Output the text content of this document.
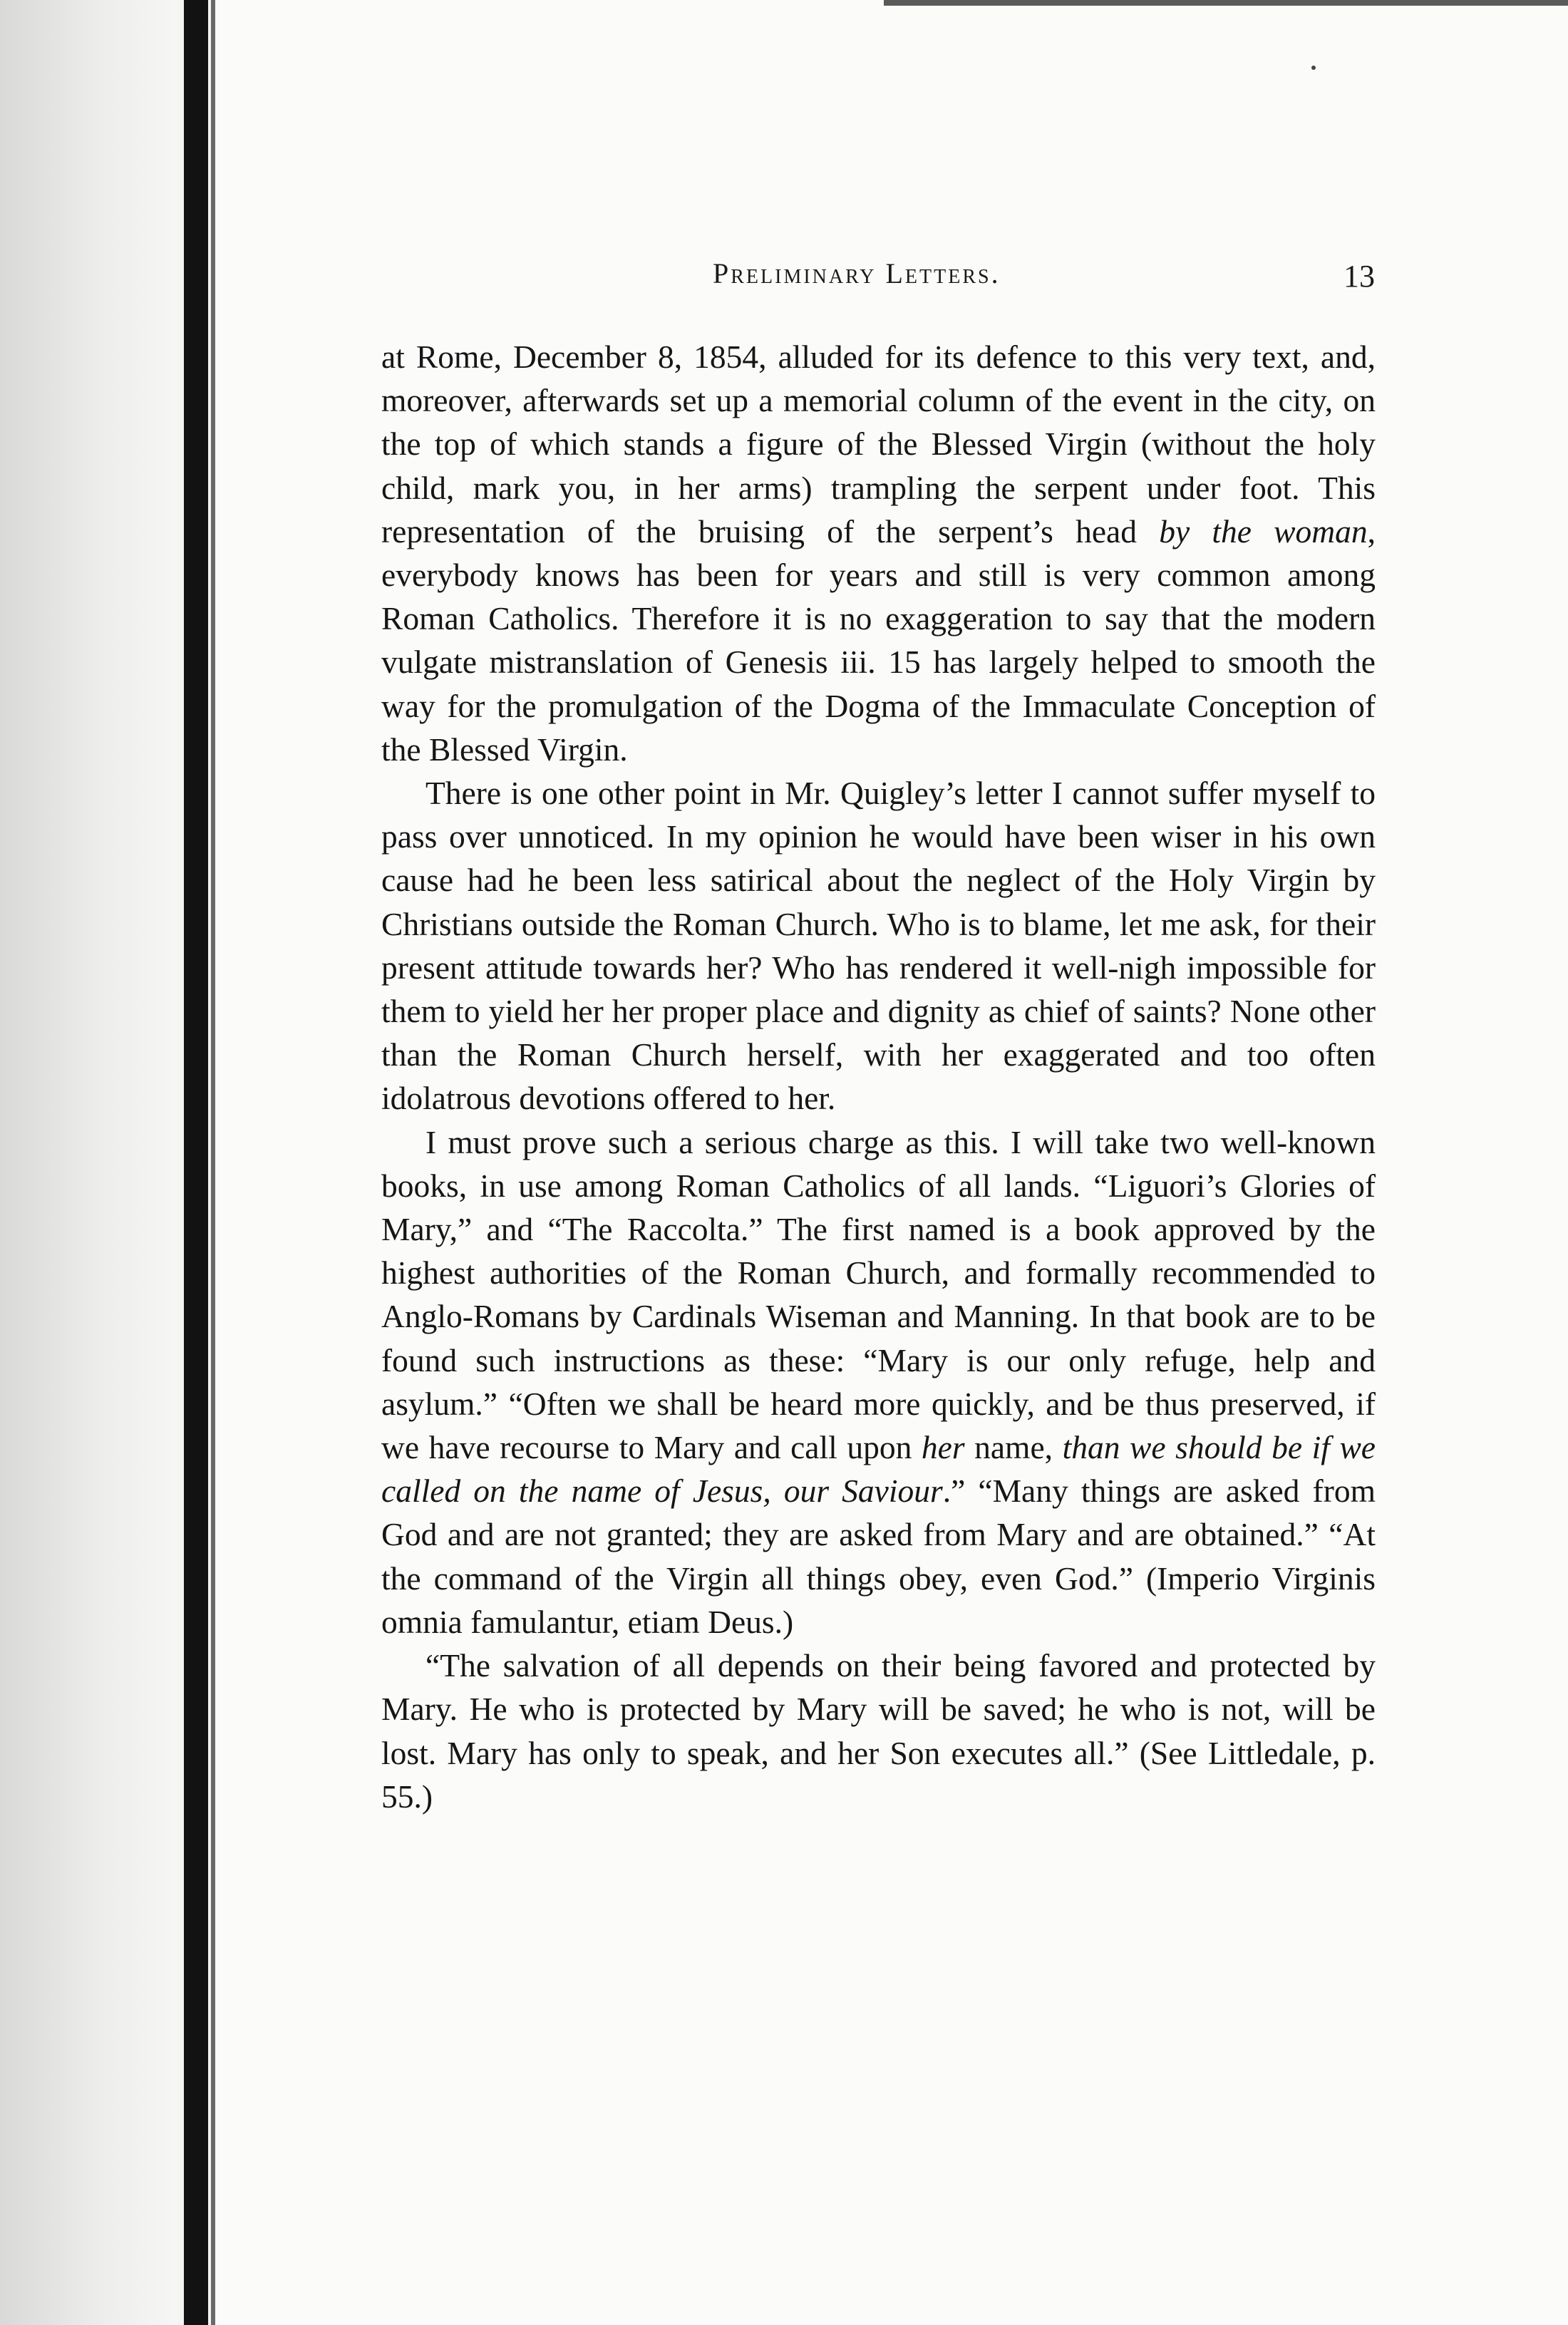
Preliminary Letters.	13

at Rome, December 8, 1854, alluded for its defence to this very text, and, moreover, afterwards set up a memorial column of the event in the city, on the top of which stands a figure of the Blessed Virgin (without the holy child, mark you, in her arms) trampling the serpent under foot. This representation of the bruising of the serpent’s head by the woman, everybody knows has been for years and still is very common among Roman Catholics. Therefore it is no exaggeration to say that the modern vulgate mistranslation of Genesis iii. 15 has largely helped to smooth the way for the promulgation of the Dogma of the Immaculate Conception of the Blessed Virgin.

There is one other point in Mr. Quigley’s letter I cannot suffer myself to pass over unnoticed. In my opinion he would have been wiser in his own cause had he been less satirical about the neglect of the Holy Virgin by Christians outside the Roman Church. Who is to blame, let me ask, for their present attitude towards her? Who has rendered it well-nigh impossible for them to yield her her proper place and dignity as chief of saints? None other than the Roman Church herself, with her exaggerated and too often idolatrous devotions offered to her.

I must prove such a serious charge as this. I will take two well-known books, in use among Roman Catholics of all lands. “Liguori’s Glories of Mary,” and “The Raccolta.” The first named is a book approved by the highest authorities of the Roman Church, and formally recommended to Anglo-Romans by Cardinals Wiseman and Manning. In that book are to be found such instructions as these: “Mary is our only refuge, help and asylum.” “Often we shall be heard more quickly, and be thus preserved, if we have recourse to Mary and call upon her name, than we should be if we called on the name of Jesus, our Saviour.” “Many things are asked from God and are not granted; they are asked from Mary and are obtained.” “At the command of the Virgin all things obey, even God.” (Imperio Virginis omnia famulantur, etiam Deus.)

“The salvation of all depends on their being favored and protected by Mary. He who is protected by Mary will be saved; he who is not, will be lost. Mary has only to speak, and her Son executes all.” (See Littledale, p. 55.)
